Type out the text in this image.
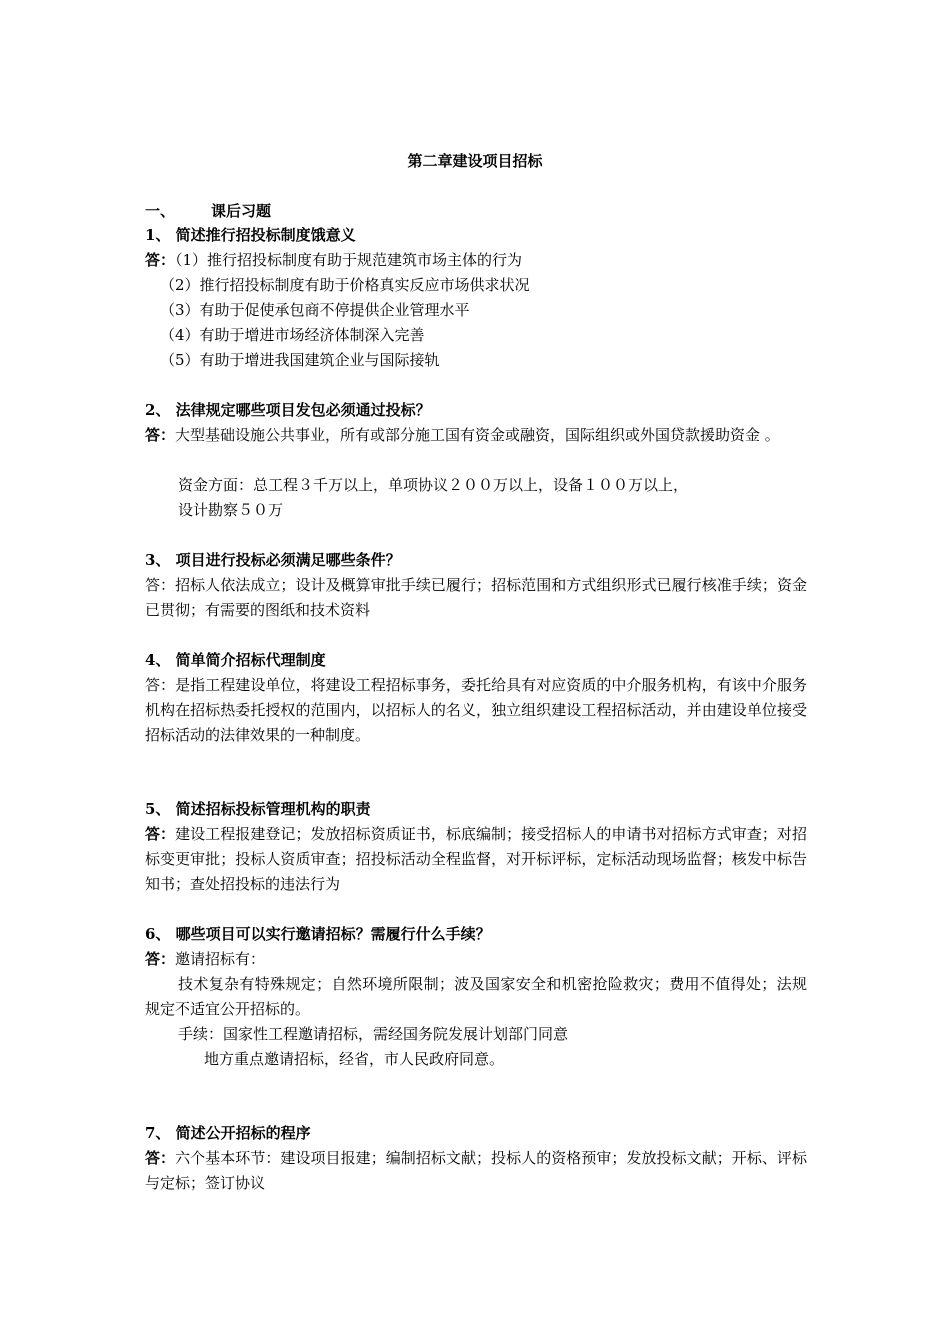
第二章建设项目招标
一、 课后习题
1、 简述推行招投标制度饿意义
答：（1）推行招投标制度有助于规范建筑市场主体的行为
（2）推行招投标制度有助于价格真实反应市场供求状况
（3）有助于促使承包商不停提供企业管理水平
（4）有助于增进市场经济体制深入完善
（5）有助于增进我国建筑企业与国际接轨
2、 法律规定哪些项目发包必须通过投标？
答：大型基础设施公共事业，所有或部分施工国有资金或融资，国际组织或外国贷款援助资金 。
资金方面：总工程３千万以上，单项协议２００万以上，设备１００万以上，
设计勘察５０万
3、 项目进行投标必须满足哪些条件？
答：招标人依法成立；设计及概算审批手续已履行；招标范围和方式组织形式已履行核准手续；资金已贯彻；有需要的图纸和技术资料
4、 简单简介招标代理制度
答：是指工程建设单位，将建设工程招标事务，委托给具有对应资质的中介服务机构，有该中介服务机构在招标热委托授权的范围内，以招标人的名义，独立组织建设工程招标活动，并由建设单位接受招标活动的法律效果的一种制度。
5、 简述招标投标管理机构的职责
答：建设工程报建登记；发放招标资质证书，标底编制；接受招标人的申请书对招标方式审查；对招标变更审批；投标人资质审查；招投标活动全程监督，对开标评标，定标活动现场监督；核发中标告知书；查处招投标的违法行为
6、 哪些项目可以实行邀请招标？需履行什么手续？
答：邀请招标有：
技术复杂有特殊规定；自然环境所限制；波及国家安全和机密抢险救灾；费用不值得处；法规规定不适宜公开招标的。
手续：国家性工程邀请招标，需经国务院发展计划部门同意
地方重点邀请招标，经省，市人民政府同意。
7、 简述公开招标的程序
答：六个基本环节：建设项目报建；编制招标文献；投标人的资格预审；发放投标文献；开标、评标与定标；签订协议
